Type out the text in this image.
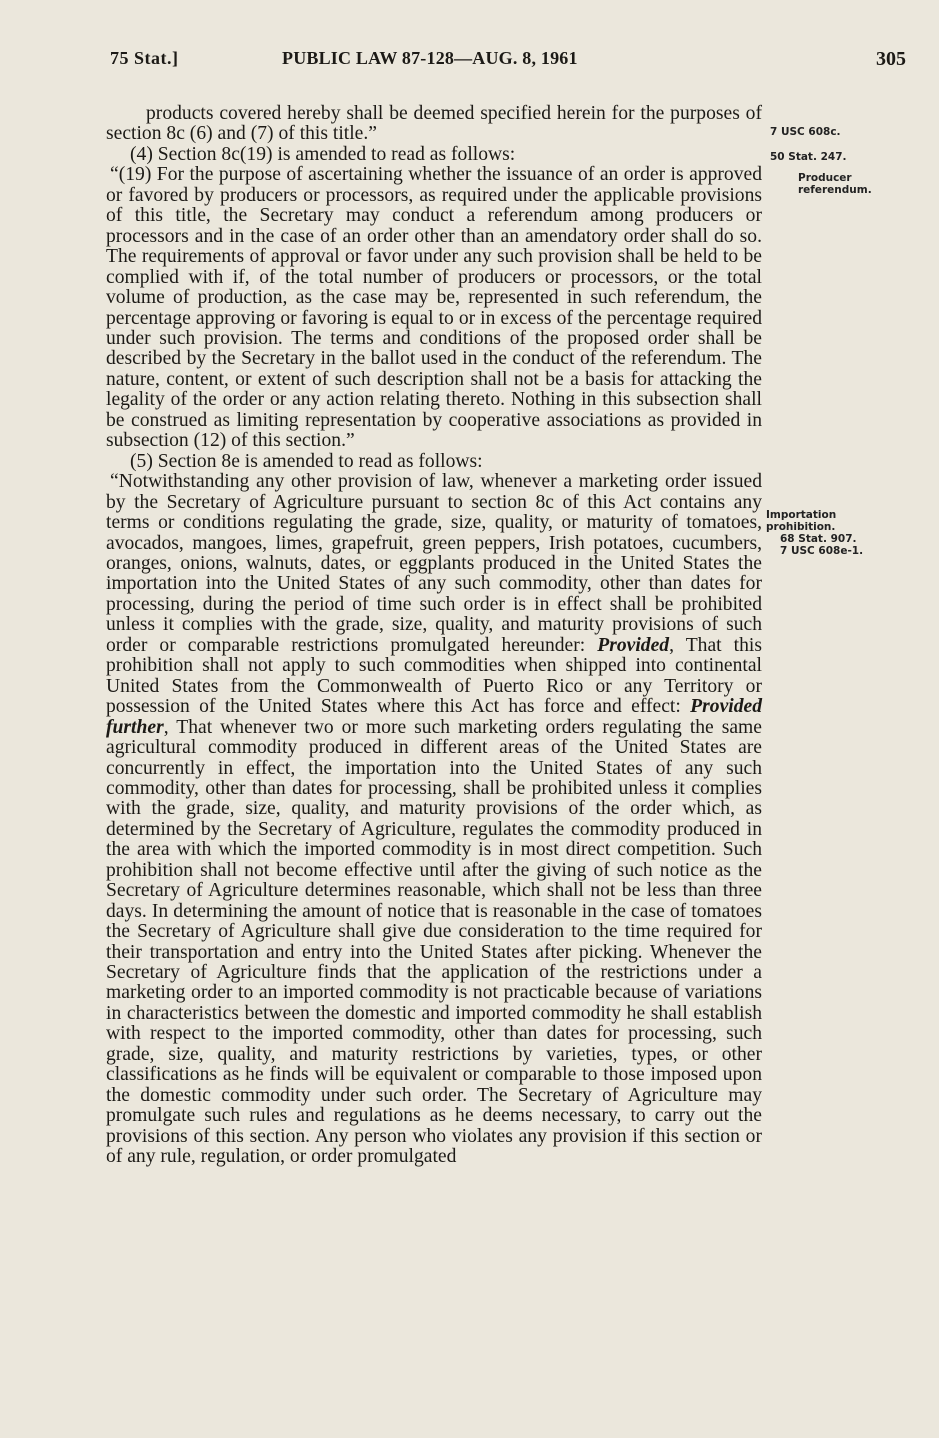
75 Stat.]	PUBLIC LAW 87-128—AUG. 8, 1961	305

products covered hereby shall be deemed specified herein for the purposes of section 8c (6) and (7) of this title.”

(4) Section 8c(19) is amended to read as follows:

“(19) For the purpose of ascertaining whether the issuance of an order is approved or favored by producers or processors, as required under the applicable provisions of this title, the Secretary may conduct a referendum among producers or processors and in the case of an order other than an amendatory order shall do so. The requirements of approval or favor under any such provision shall be held to be complied with if, of the total number of producers or processors, or the total volume of production, as the case may be, represented in such referendum, the percentage approving or favoring is equal to or in excess of the percentage required under such provision. The terms and conditions of the proposed order shall be described by the Secretary in the ballot used in the conduct of the referendum. The nature, content, or extent of such description shall not be a basis for attacking the legality of the order or any action relating thereto. Nothing in this subsection shall be construed as limiting representation by cooperative associations as provided in subsection (12) of this section.”

(5) Section 8e is amended to read as follows:

“Notwithstanding any other provision of law, whenever a marketing order issued by the Secretary of Agriculture pursuant to section 8c of this Act contains any terms or conditions regulating the grade, size, quality, or maturity of tomatoes, avocados, mangoes, limes, grapefruit, green peppers, Irish potatoes, cucumbers, oranges, onions, walnuts, dates, or eggplants produced in the United States the importation into the United States of any such commodity, other than dates for processing, during the period of time such order is in effect shall be prohibited unless it complies with the grade, size, quality, and maturity provisions of such order or comparable restrictions promulgated hereunder: Provided, That this prohibition shall not apply to such commodities when shipped into continental United States from the Commonwealth of Puerto Rico or any Territory or possession of the United States where this Act has force and effect: Provided further, That whenever two or more such marketing orders regulating the same agricultural commodity produced in different areas of the United States are concurrently in effect, the importation into the United States of any such commodity, other than dates for processing, shall be prohibited unless it complies with the grade, size, quality, and maturity provisions of the order which, as determined by the Secretary of Agriculture, regulates the commodity produced in the area with which the imported commodity is in most direct competition. Such prohibition shall not become effective until after the giving of such notice as the Secretary of Agriculture determines reasonable, which shall not be less than three days. In determining the amount of notice that is reasonable in the case of tomatoes the Secretary of Agriculture shall give due consideration to the time required for their transportation and entry into the United States after picking. Whenever the Secretary of Agriculture finds that the application of the restrictions under a marketing order to an imported commodity is not practicable because of variations in characteristics between the domestic and imported commodity he shall establish with respect to the imported commodity, other than dates for processing, such grade, size, quality, and maturity restrictions by varieties, types, or other classifications as he finds will be equivalent or comparable to those imposed upon the domestic commodity under such order. The Secretary of Agriculture may promulgate such rules and regulations as he deems necessary, to carry out the provisions of this section. Any person who violates any provision if this section or of any rule, regulation, or order promulgated

7 USC 608c.
50 Stat. 247.
Producer referendum.
Importation prohibition.
68 Stat. 907.
7 USC 608e-1.
